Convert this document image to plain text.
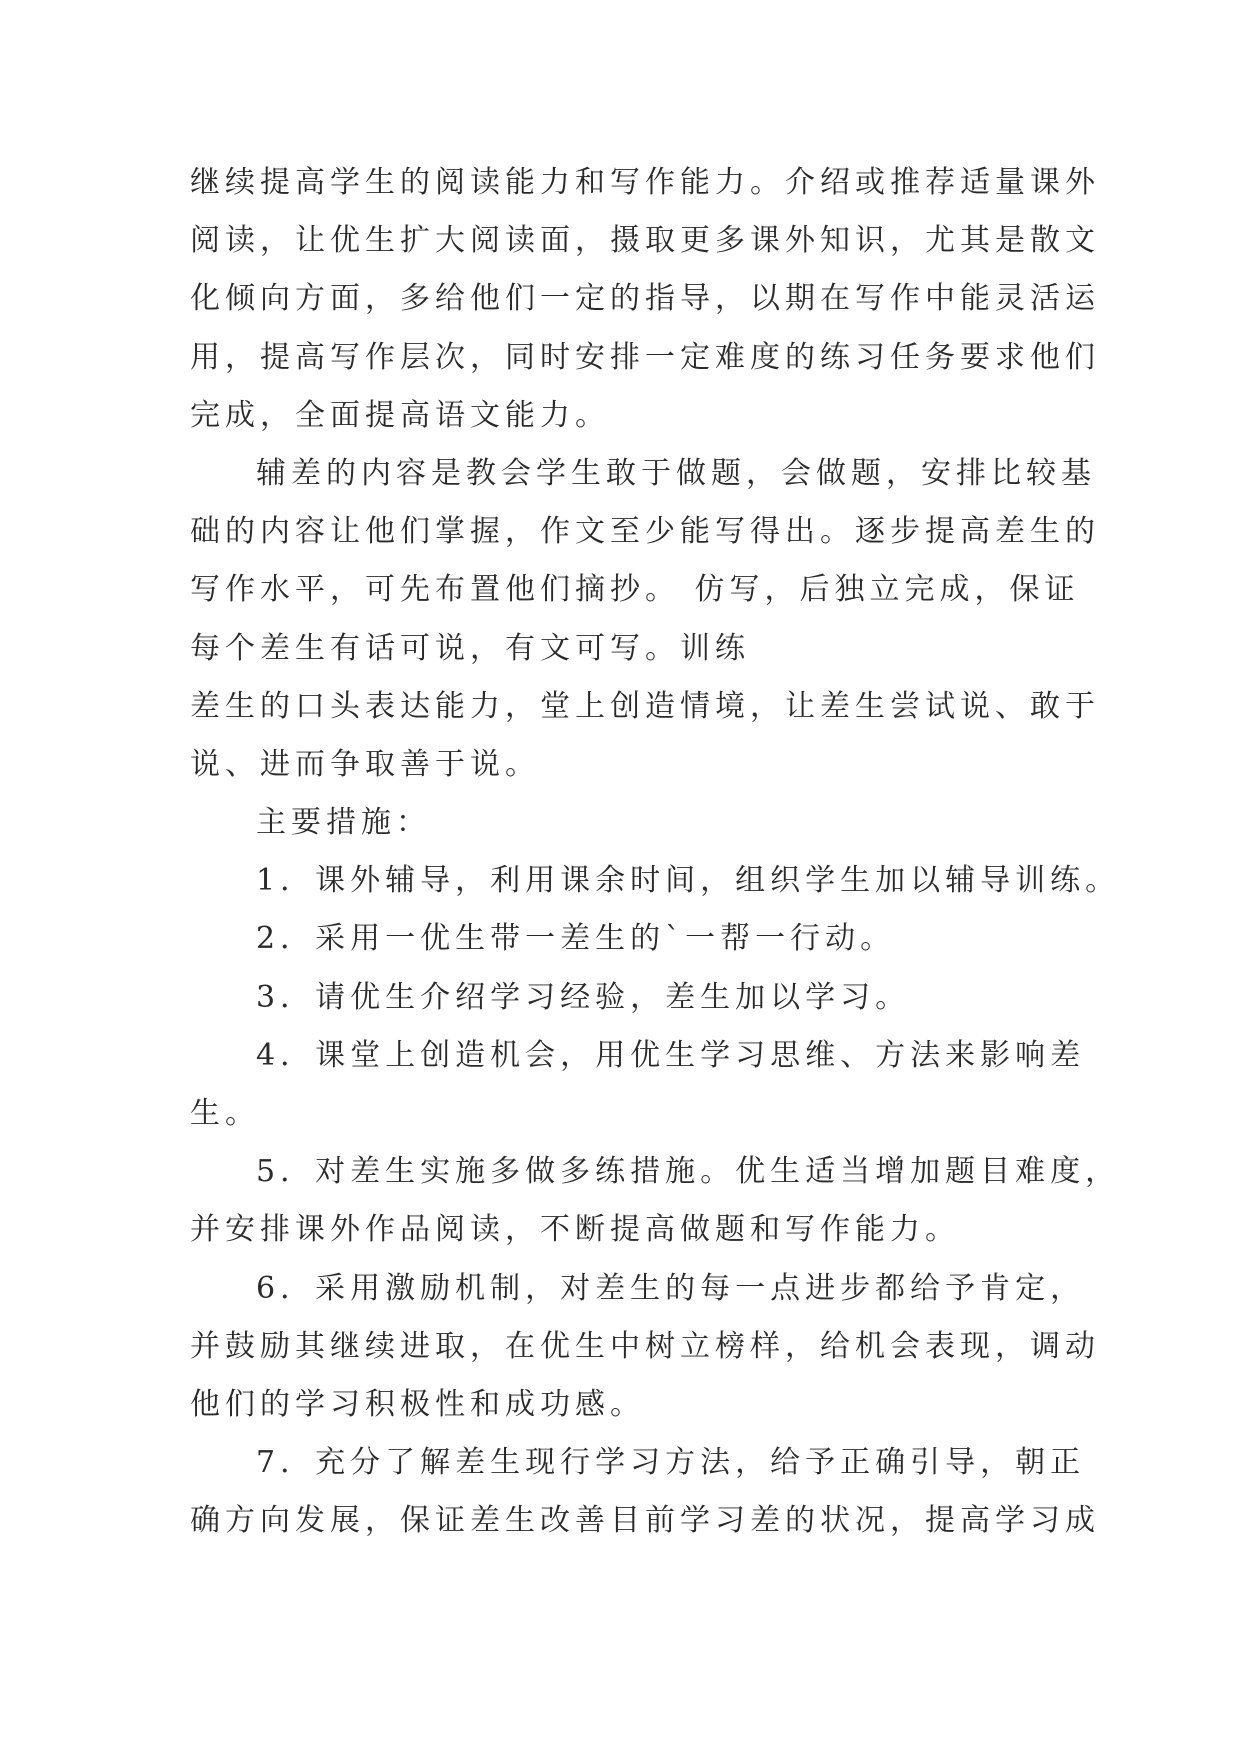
继续提高学生的阅读能力和写作能力。介绍或推荐适量课外
阅读，让优生扩大阅读面，摄取更多课外知识，尤其是散文
化倾向方面，多给他们一定的指导，以期在写作中能灵活运
用，提高写作层次，同时安排一定难度的练习任务要求他们
完成，全面提高语文能力。
辅差的内容是教会学生敢于做题，会做题，安排比较基
础的内容让他们掌握，作文至少能写得出。逐步提高差生的
写作水平，可先布置他们摘抄。 仿写，后独立完成，保证
每个差生有话可说，有文可写。训练
差生的口头表达能力，堂上创造情境，让差生尝试说、敢于
说、进而争取善于说。
主要措施：
1．课外辅导，利用课余时间，组织学生加以辅导训练。
2．采用一优生带一差生的`一帮一行动。
3．请优生介绍学习经验，差生加以学习。
4．课堂上创造机会，用优生学习思维、方法来影响差
生。
5．对差生实施多做多练措施。优生适当增加题目难度，
并安排课外作品阅读，不断提高做题和写作能力。
6．采用激励机制，对差生的每一点进步都给予肯定，
并鼓励其继续进取，在优生中树立榜样，给机会表现，调动
他们的学习积极性和成功感。
7．充分了解差生现行学习方法，给予正确引导，朝正
确方向发展，保证差生改善目前学习差的状况，提高学习成
